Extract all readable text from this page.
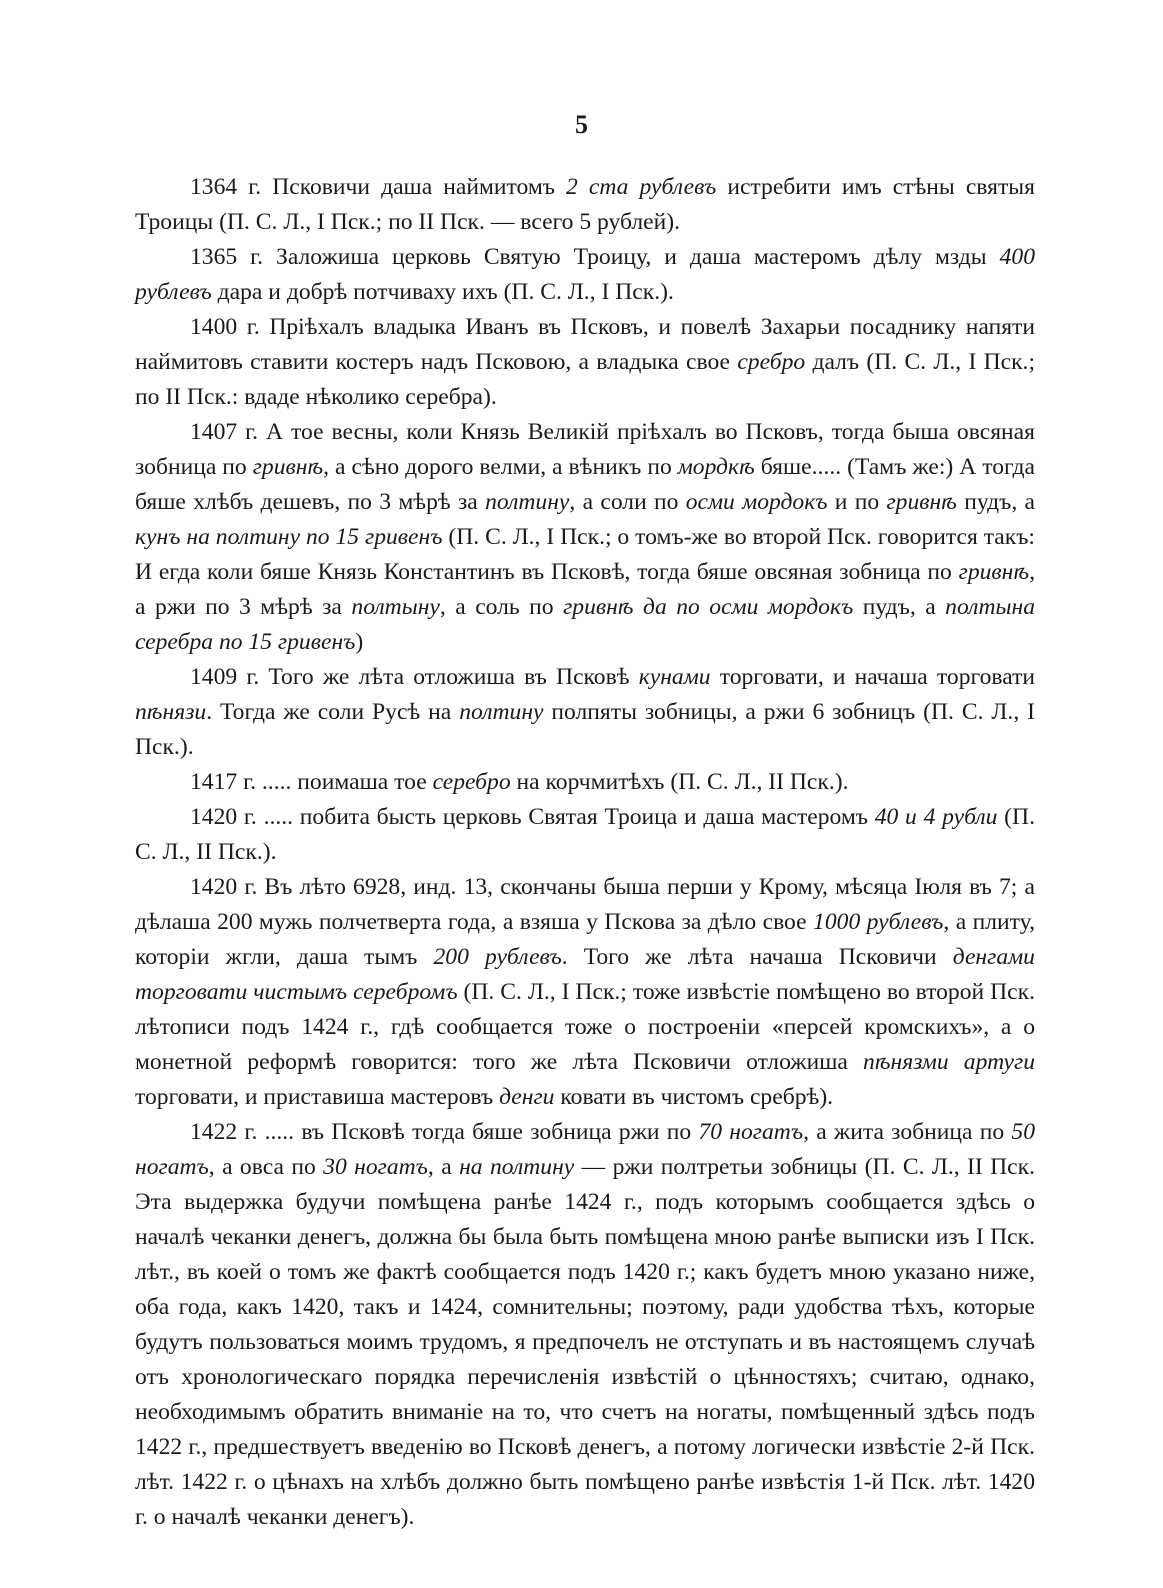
5

1364 г. Псковичи даша наймитомъ 2 ста рублевъ истребити имъ стѣны святыя Троицы (П. С. Л., I Пск.; по II Пск. — всего 5 рублей).

1365 г. Заложиша церковь Святую Троицу, и даша мастеромъ дѣлу мзды 400 рублевъ дара и добрѣ потчиваху ихъ (П. С. Л., I Пск.).

1400 г. Пріѣхалъ владыка Иванъ въ Псковъ, и повелѣ Захарьи посаднику напяти наймитовъ ставити костеръ надъ Псковою, а владыка свое сребро далъ (П. С. Л., I Пск.; по II Пск.: вдаде нѣколико серебра).

1407 г. А тое весны, коли Князь Великій пріѣхалъ во Псковъ, тогда быша овсяная зобница по гривнѣ, а сѣно дорого велми, а вѣникъ по мордкѣ бяше..... (Тамъ же:) А тогда бяше хлѣбъ дешевъ, по 3 мѣрѣ за полтину, а соли по осми мордокъ и по гривнѣ пудъ, а кунъ на полтину по 15 гривенъ (П. С. Л., I Пск.; о томъ-же во второй Пск. говорится такъ: И егда коли бяше Князь Константинъ въ Псковѣ, тогда бяше овсяная зобница по гривнѣ, а ржи по 3 мѣрѣ за полтыну, а соль по гривнѣ да по осми мордокъ пудъ, а полтына серебра по 15 гривенъ)

1409 г. Того же лѣта отложиша въ Псковѣ кунами торговати, и начаша торговати пѣнязи. Тогда же соли Русѣ на полтину полпяты зобницы, а ржи 6 зобницъ (П. С. Л., I Пск.).

1417 г. ..... поимаша тое серебро на корчмитѣхъ (П. С. Л., II Пск.).

1420 г. ..... побита бысть церковь Святая Троица и даша мастеромъ 40 и 4 рубли (П. С. Л., II Пск.).

1420 г. Въ лѣто 6928, инд. 13, скончаны быша перши у Крому, мѣсяца Іюля въ 7; а дѣлаша 200 мужь полчетверта года, а взяша у Пскова за дѣло свое 1000 рублевъ, а плиту, которіи жгли, даша тымъ 200 рублевъ. Того же лѣта начаша Псковичи денгами торговати чистымъ серебромъ (П. С. Л., I Пск.; тоже извѣстіе помѣщено во второй Пск. лѣтописи подъ 1424 г., гдѣ сообщается тоже о построеніи «персей кромскихъ», а о монетной реформѣ говорится: того же лѣта Псковичи отложиша пѣнязми артуги торговати, и приставиша мастеровъ денги ковати въ чистомъ сребрѣ).

1422 г. ..... въ Псковѣ тогда бяше зобница ржи по 70 ногатъ, а жита зобница по 50 ногатъ, а овса по 30 ногатъ, а на полтину — ржи полтретьи зобницы (П. С. Л., II Пск. Эта выдержка будучи помѣщена ранѣе 1424 г., подъ которымъ сообщается здѣсь о началѣ чеканки денегъ, должна бы была быть помѣщена мною ранѣе выписки изъ I Пск. лѣт., въ коей о томъ же фактѣ сообщается подъ 1420 г.; какъ будетъ мною указано ниже, оба года, какъ 1420, такъ и 1424, сомнительны; поэтому, ради удобства тѣхъ, которые будутъ пользоваться моимъ трудомъ, я предпочелъ не отступать и въ настоящемъ случаѣ отъ хронологическаго порядка перечисленія извѣстій о цѣнностяхъ; считаю, однако, необходимымъ обратить вниманіе на то, что счетъ на ногаты, помѣщенный здѣсь подъ 1422 г., предшествуетъ введенію во Псковѣ денегъ, а потому логически извѣстіе 2-й Пск. лѣт. 1422 г. о цѣнахъ на хлѣбъ должно быть помѣщено ранѣе извѣстія 1-й Пск. лѣт. 1420 г. о началѣ чеканки денегъ).
